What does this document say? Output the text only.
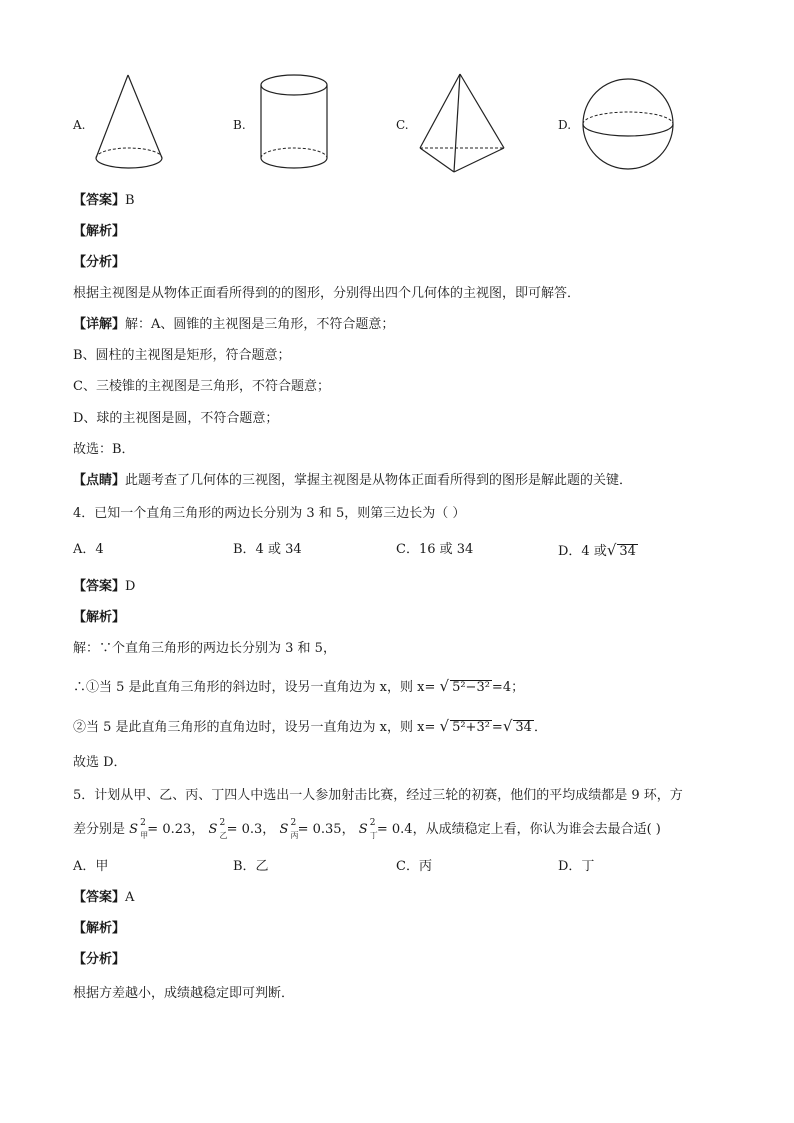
A.	B.	C.	D.
【答案】B
【解析】
【分析】
根据主视图是从物体正面看所得到的的图形，分别得出四个几何体的主视图，即可解答．
【详解】解：A、圆锥的主视图是三角形，不符合题意；
B、圆柱的主视图是矩形，符合题意；
C、三棱锥的主视图是三角形，不符合题意；
D、球的主视图是圆，不符合题意；
故选：B．
【点睛】此题考查了几何体的三视图，掌握主视图是从物体正面看所得到的图形是解此题的关键．
4．已知一个直角三角形的两边长分别为 3 和 5，则第三边长为（ ）
A．4	B．4 或 34	C．16 或 34	D．4 或√ 34
【答案】D
【解析】
解：∵个直角三角形的两边长分别为 3 和 5，
∴①当 5 是此直角三角形的斜边时，设另一直角边为 x，则 x= √ 5²−3² =4；
②当 5 是此直角三角形的直角边时，设另一直角边为 x，则 x= √ 5²+3² =√ 34 ．
故选 D．
5．计划从甲、乙、丙、丁四人中选出一人参加射击比赛，经过三轮的初赛，他们的平均成绩都是 9 环，方
差分别是 S 2
甲 = 0.23， S 2
乙 = 0.3， S 2
丙 = 0.35， S 2
丁 = 0.4，从成绩稳定上看，你认为谁会去最合适( )
A．甲	B．乙	C．丙	D．丁
【答案】A
【解析】
【分析】
根据方差越小，成绩越稳定即可判断．
